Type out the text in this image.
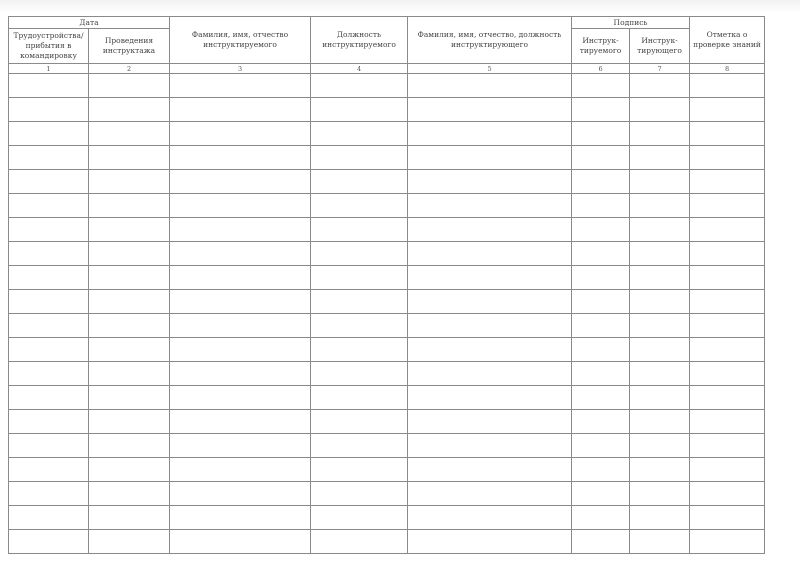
Дата		Фамилия, имя, отчество инструктируемого	Должность инструктируемого	Фамилия, имя, отчество, должность инструктирующего	Подпись		Отметка о проверке знаний
Трудоустройства/ прибытия в командировку	Проведения инструктажа				Инструк-тируемого	Инструк-тирующего	
1	2	3	4	5	6	7	8
